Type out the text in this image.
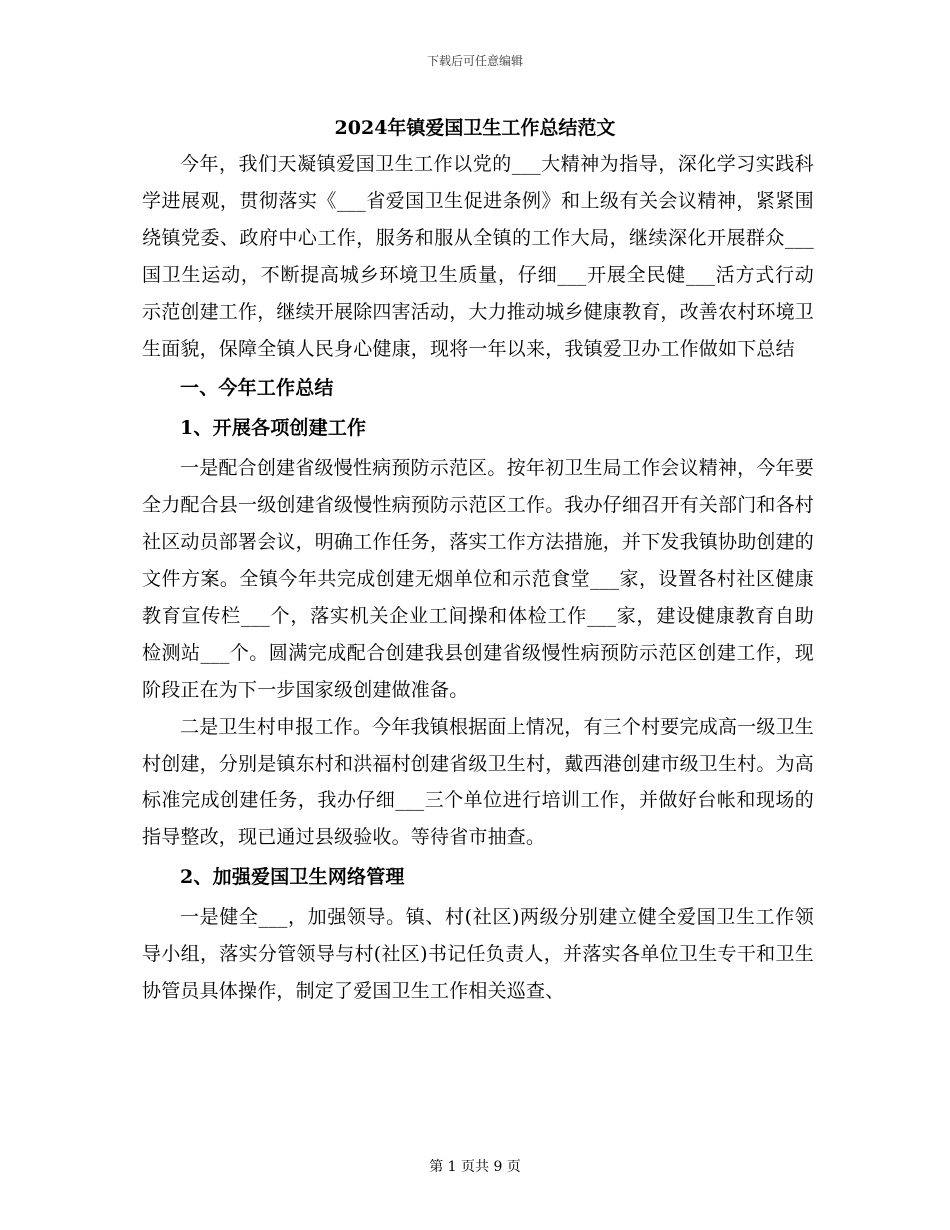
下载后可任意编辑
2024年镇爱国卫生工作总结范文

今年，我们天凝镇爱国卫生工作以党的___大精神为指导，深化学习实践科学进展观，贯彻落实《___省爱国卫生促进条例》和上级有关会议精神，紧紧围绕镇党委、政府中心工作，服务和服从全镇的工作大局，继续深化开展群众___国卫生运动，不断提高城乡环境卫生质量，仔细___开展全民健___活方式行动示范创建工作，继续开展除四害活动，大力推动城乡健康教育，改善农村环境卫生面貌，保障全镇人民身心健康，现将一年以来，我镇爱卫办工作做如下总结

一、今年工作总结

1、开展各项创建工作

一是配合创建省级慢性病预防示范区。按年初卫生局工作会议精神，今年要全力配合县一级创建省级慢性病预防示范区工作。我办仔细召开有关部门和各村社区动员部署会议，明确工作任务，落实工作方法措施，并下发我镇协助创建的文件方案。全镇今年共完成创建无烟单位和示范食堂___家，设置各村社区健康教育宣传栏___个，落实机关企业工间操和体检工作___家，建设健康教育自助检测站___个。圆满完成配合创建我县创建省级慢性病预防示范区创建工作，现阶段正在为下一步国家级创建做准备。

二是卫生村申报工作。今年我镇根据面上情况，有三个村要完成高一级卫生村创建，分别是镇东村和洪福村创建省级卫生村，戴西港创建市级卫生村。为高标准完成创建任务，我办仔细___三个单位进行培训工作，并做好台帐和现场的指导整改，现已通过县级验收。等待省市抽查。

2、加强爱国卫生网络管理

一是健全___，加强领导。镇、村(社区)两级分别建立健全爱国卫生工作领导小组，落实分管领导与村(社区)书记任负责人，并落实各单位卫生专干和卫生协管员具体操作，制定了爱国卫生工作相关巡查、

第 1 页共 9 页
